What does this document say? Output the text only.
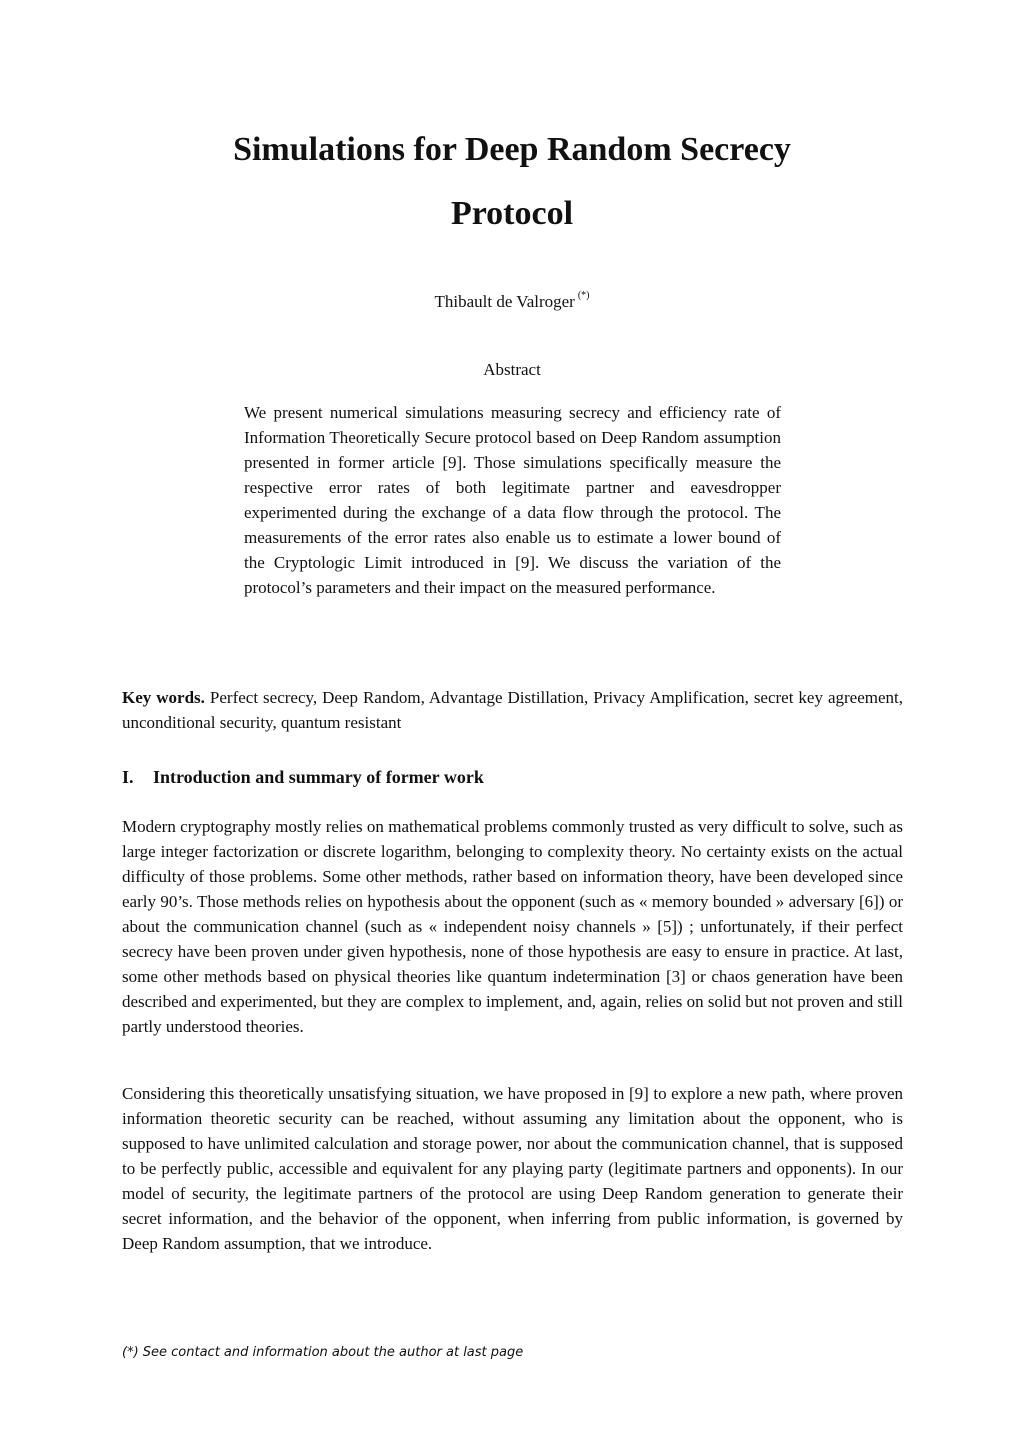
Simulations for Deep Random Secrecy
Protocol
Thibault de Valroger (*)
Abstract

We present numerical simulations measuring secrecy and efficiency rate of Information Theoretically Secure protocol based on Deep Random assumption presented in former article [9]. Those simulations specifically measure the respective error rates of both legitimate partner and eavesdropper experimented during the exchange of a data flow through the protocol. The measurements of the error rates also enable us to estimate a lower bound of the Cryptologic Limit introduced in [9]. We discuss the variation of the protocol’s parameters and their impact on the measured performance.

Key words. Perfect secrecy, Deep Random, Advantage Distillation, Privacy Amplification, secret key agreement, unconditional security, quantum resistant

I. Introduction and summary of former work

Modern cryptography mostly relies on mathematical problems commonly trusted as very difficult to solve, such as large integer factorization or discrete logarithm, belonging to complexity theory. No certainty exists on the actual difficulty of those problems. Some other methods, rather based on information theory, have been developed since early 90’s. Those methods relies on hypothesis about the opponent (such as « memory bounded » adversary [6]) or about the communication channel (such as « independent noisy channels » [5]) ; unfortunately, if their perfect secrecy have been proven under given hypothesis, none of those hypothesis are easy to ensure in practice. At last, some other methods based on physical theories like quantum indetermination [3] or chaos generation have been described and experimented, but they are complex to implement, and, again, relies on solid but not proven and still partly understood theories.

Considering this theoretically unsatisfying situation, we have proposed in [9] to explore a new path, where proven information theoretic security can be reached, without assuming any limitation about the opponent, who is supposed to have unlimited calculation and storage power, nor about the communication channel, that is supposed to be perfectly public, accessible and equivalent for any playing party (legitimate partners and opponents). In our model of security, the legitimate partners of the protocol are using Deep Random generation to generate their secret information, and the behavior of the opponent, when inferring from public information, is governed by Deep Random assumption, that we introduce.

(*) See contact and information about the author at last page
